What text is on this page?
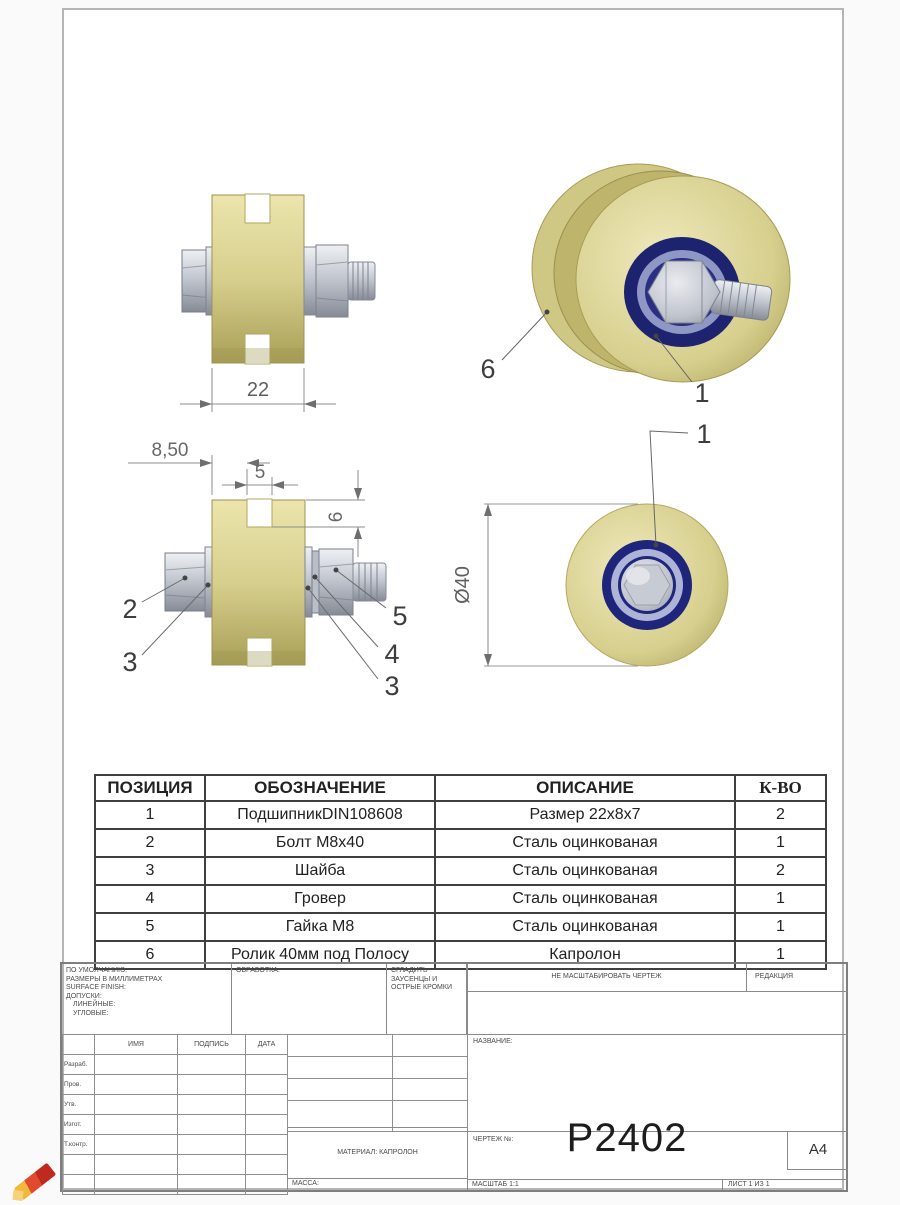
22
8,50
5
6
2
3
5
4
3
6
1
Ø40
1
ПОЗИЦИЯ	ОБОЗНАЧЕНИЕ	ОПИСАНИЕ	К-ВО
1	ПодшипникDIN108608	Размер 22х8х7	2
2	Болт М8х40	Сталь оцинкованая	1
3	Шайба	Сталь оцинкованая	2
4	Гровер	Сталь оцинкованая	1
5	Гайка М8	Сталь оцинкованая	1
6	Ролик 40мм под Полосу	Капролон	1
ПО УМОЛЧАНИЮ:
РАЗМЕРЫ В МИЛЛИМЕТРАХ
SURFACE FINISH:
ДОПУСКИ:
ЛИНЕЙНЫЕ:
УГЛОВЫЕ:
ОБРАБОТКА:	СГЛАДИТЬ
ЗАУСЕНЦЫ И
ОСТРЫЕ КРОМКИ
НЕ МАСШТАБИРОВАТЬ ЧЕРТЕЖ	РЕДАКЦИЯ
	ИМЯ	ПОДПИСЬ	ДАТА
Разраб.			
Пров.			
Утв.			
Изгот.			
Т.контр.			

МАТЕРИАЛ: КАПРОЛОН
МАССА:
НАЗВАНИЕ:
ЧЕРТЕЖ №:	P2402	А4
МАСШТАБ 1:1	ЛИСТ 1 ИЗ 1
